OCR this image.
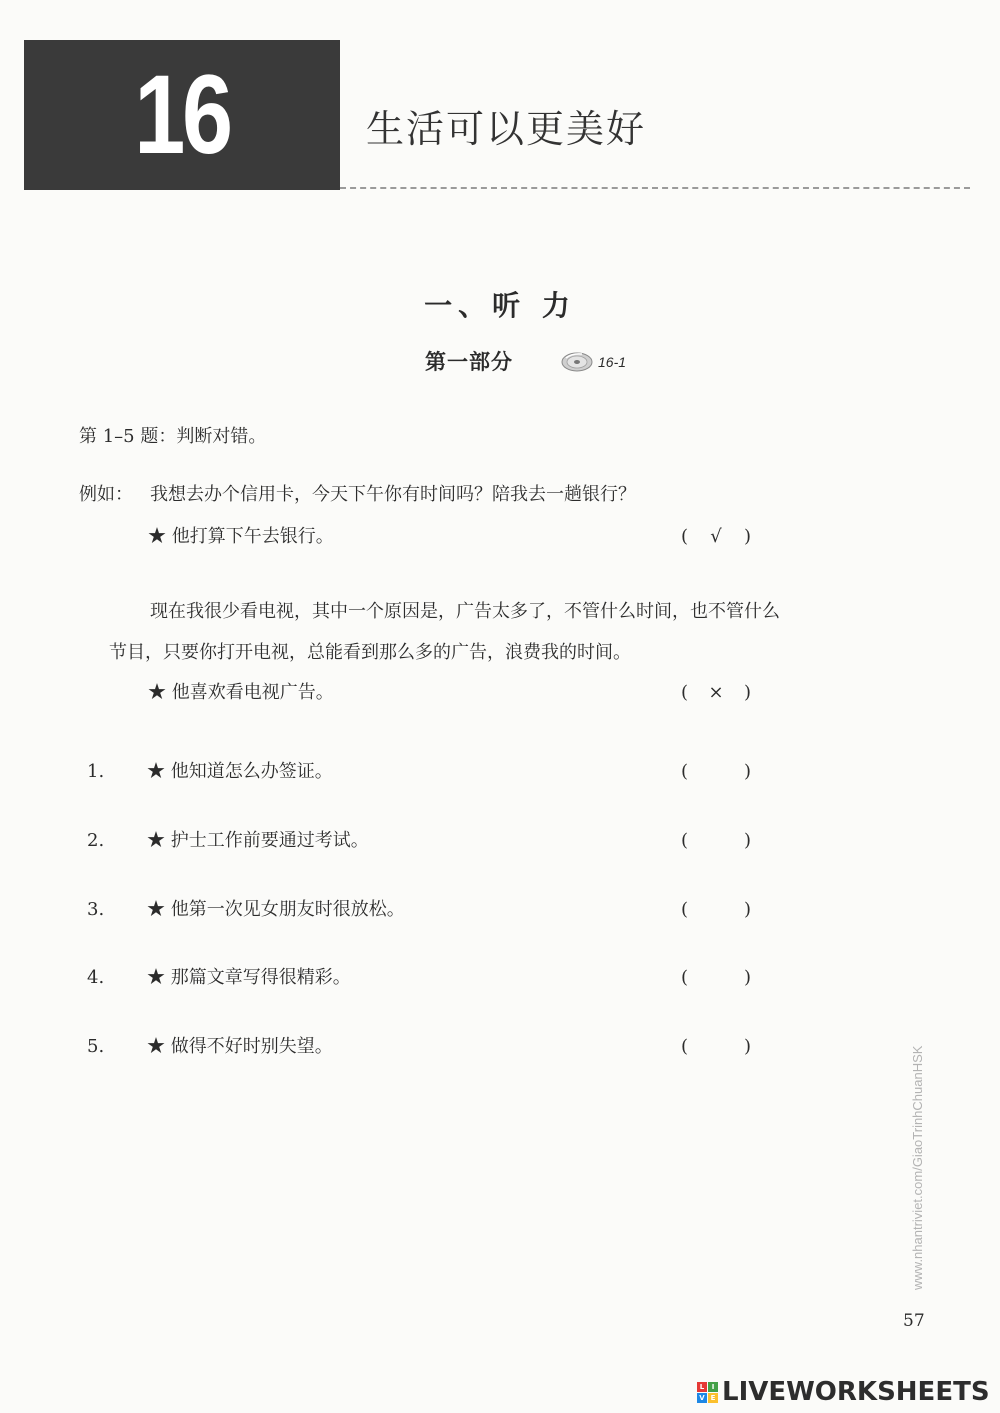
16	生活可以更美好
一、听 力
第一部分	16-1
第 1–5 题：判断对错。
例如： 我想去办个信用卡，今天下午你有时间吗？陪我去一趟银行？
★ 他打算下午去银行。	(	√	)
现在我很少看电视，其中一个原因是，广告太多了，不管什么时间，也不管什么
节目，只要你打开电视，总能看到那么多的广告，浪费我的时间。
★ 他喜欢看电视广告。	(	×	)
1. ★ 他知道怎么办签证。	(	)
2. ★ 护士工作前要通过考试。	(	)
3. ★ 他第一次见女朋友时很放松。	(	)
4. ★ 那篇文章写得很精彩。	(	)
5. ★ 做得不好时别失望。	(	)	www.nhantriviet.com/GiaoTrinhChuanHSK
57
L	I
V E LIVEWORKSHEETS
